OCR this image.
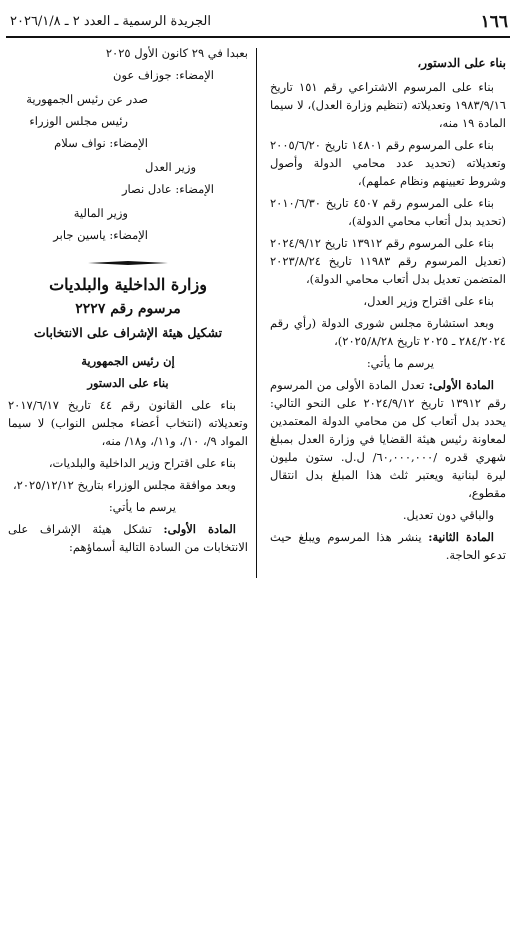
١٦٦
الجريدة الرسمية ـ العدد ٢ ـ ٢٠٢٦/١/٨

بناء على الدستور،

بناء على المرسوم الاشتراعي رقم ١٥١ تاريخ ١٩٨٣/٩/١٦ وتعديلاته (تنظيم وزارة العدل)، لا سيما المادة ١٩ منه،

بناء على المرسوم رقم ١٤٨٠١ تاريخ ٢٠٠٥/٦/٢٠ وتعديلاته (تحديد عدد محامي الدولة وأصول وشروط تعيينهم ونظام عملهم)،

بناء على المرسوم رقم ٤٥٠٧ تاريخ ٢٠١٠/٦/٣٠ (تحديد بدل أتعاب محامي الدولة)،

بناء على المرسوم رقم ١٣٩١٢ تاريخ ٢٠٢٤/٩/١٢ (تعديل المرسوم رقم ١١٩٨٣ تاريخ ٢٠٢٣/٨/٢٤ المتضمن تعديل بدل أتعاب محامي الدولة)،

بناء على اقتراح وزير العدل،

وبعد استشارة مجلس شورى الدولة (رأي رقم ٢٨٤/٢٠٢٤ ـ ٢٠٢٥ تاريخ ٢٠٢٥/٨/٢٨)،

يرسم ما يأتي:

المادة الأولى: تعدل المادة الأولى من المرسوم رقم ١٣٩١٢ تاريخ ٢٠٢٤/٩/١٢ على النحو التالي: يحدد بدل أتعاب كل من محامي الدولة المعتمدين لمعاونة رئيس هيئة القضايا في وزارة العدل بمبلغ شهري قدره /٦٠,٠٠٠,٠٠٠/ ل.ل. ستون مليون ليرة لبنانية ويعتبر ثلث هذا المبلغ بدل انتقال مقطوع،

والباقي دون تعديل.

المادة الثانية: ينشر هذا المرسوم ويبلغ حيث تدعو الحاجة.

بعبدا في ٢٩ كانون الأول ٢٠٢٥

الإمضاء: جوزاف عون

صدر عن رئيس الجمهورية

رئيس مجلس الوزراء

الإمضاء: نواف سلام

وزير العدل

الإمضاء: عادل نصار

وزير المالية

الإمضاء: ياسين جابر

وزارة الداخلية والبلديات

مرسوم رقم ٢٢٢٧

تشكيل هيئة الإشراف على الانتخابات

إن رئيس الجمهورية

بناء على الدستور

بناء على القانون رقم ٤٤ تاريخ ٢٠١٧/٦/١٧ وتعديلاته (انتخاب أعضاء مجلس النواب) لا سيما المواد ٩/، ١٠/، و١١/، و١٨/ منه،

بناء على اقتراح وزير الداخلية والبلديات،

وبعد موافقة مجلس الوزراء بتاريخ ٢٠٢٥/١٢/١٢،

يرسم ما يأتي:

المادة الأولى: تشكل هيئة الإشراف على الانتخابات من السادة التالية أسماؤهم:
